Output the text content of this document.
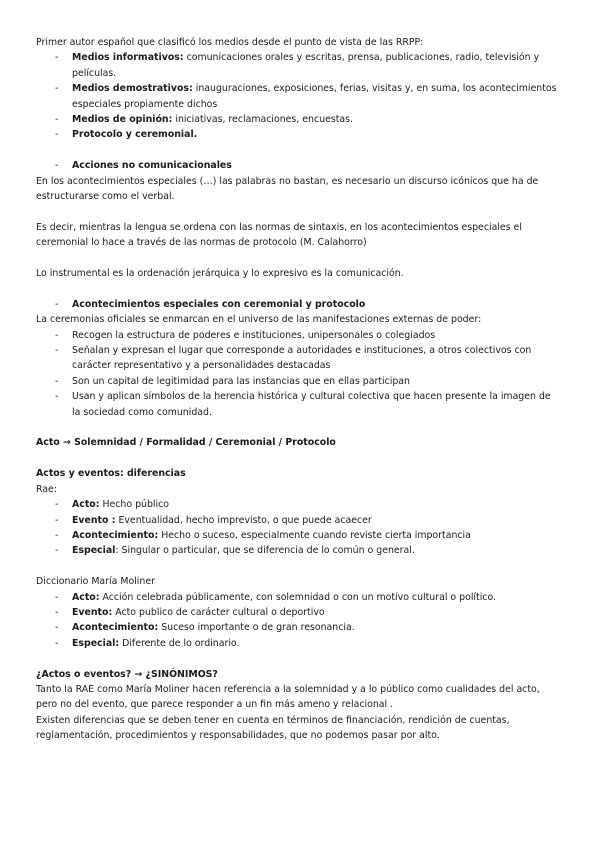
Primer autor español que clasificó los medios desde el punto de vista de las RRPP:

- Medios informativos: comunicaciones orales y escritas, prensa, publicaciones, radio, televisión y películas.
- Medios demostrativos: inauguraciones, exposiciones, ferias, visitas y, en suma, los acontecimientos especiales propiamente dichos
- Medios de opinión: iniciativas, reclamaciones, encuestas.
- Protocolo y ceremonial.
- Acciones no comunicacionales

En los acontecimientos especiales (…) las palabras no bastan, es necesario un discurso icónicos que ha de estructurarse como el verbal.

Es decir, mientras la lengua se ordena con las normas de sintaxis, en los acontecimientos especiales el ceremonial lo hace a través de las normas de protocolo (M. Calahorro)

Lo instrumental es la ordenación jerárquica y lo expresivo es la comunicación.

- Acontecimientos especiales con ceremonial y protocolo

La ceremonias oficiales se enmarcan en el universo de las manifestaciones externas de poder:

- Recogen la estructura de poderes e instituciones, unipersonales o colegiados
- Señalan y expresan el lugar que corresponde a autoridades e instituciones, a otros colectivos con carácter representativo y a personalidades destacadas
- Son un capital de legitimidad para las instancias que en ellas participan
- Usan y aplican símbolos de la herencia histórica y cultural colectiva que hacen presente la imagen de la sociedad como comunidad.

Acto → Solemnidad / Formalidad / Ceremonial / Protocolo

Actos y eventos: diferencias

Rae:

- Acto: Hecho público
- Evento : Eventualidad, hecho imprevisto, o que puede acaecer
- Acontecimiento: Hecho o suceso, especialmente cuando reviste cierta importancia
- Especial: Singular o particular, que se diferencia de lo común o general.

Diccionario María Moliner

- Acto: Acción celebrada públicamente, con solemnidad o con un motivo cultural o político.
- Evento: Acto publico de carácter cultural o deportivo
- Acontecimiento: Suceso importante o de gran resonancia.
- Especial: Diferente de lo ordinario.

¿Actos o eventos? → ¿SINÓNIMOS?

Tanto la RAE como María Moliner hacen referencia a la solemnidad y a lo público como cualidades del acto, pero no del evento, que parece responder a un fin más ameno y relacional .

Existen diferencias que se deben tener en cuenta en términos de financiación, rendición de cuentas, reglamentación, procedimientos y responsabilidades, que no podemos pasar por alto.
